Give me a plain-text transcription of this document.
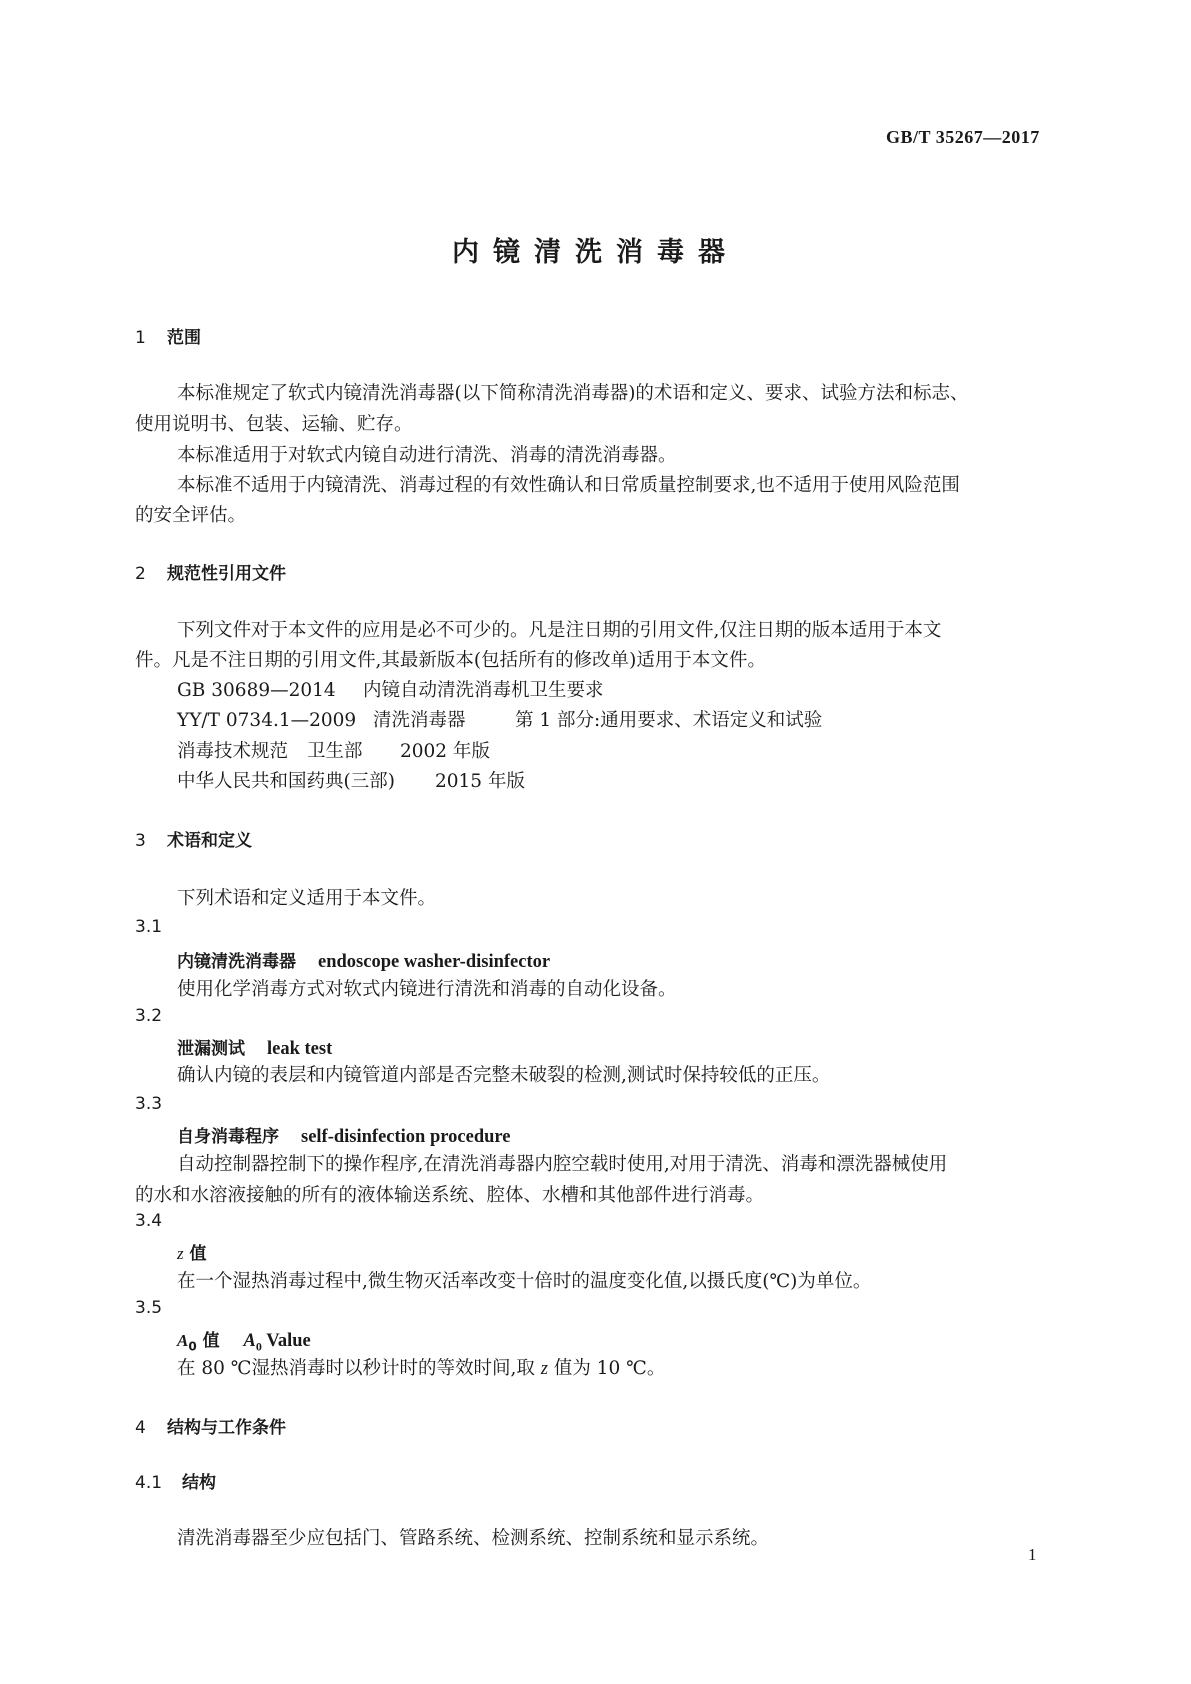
GB/T 35267—2017
内镜清洗消毒器
1 范围
本标准规定了软式内镜清洗消毒器(以下简称清洗消毒器)的术语和定义、要求、试验方法和标志、
使用说明书、包装、运输、贮存。
本标准适用于对软式内镜自动进行清洗、消毒的清洗消毒器。
本标准不适用于内镜清洗、消毒过程的有效性确认和日常质量控制要求,也不适用于使用风险范围
的安全评估。
2 规范性引用文件
下列文件对于本文件的应用是必不可少的。凡是注日期的引用文件,仅注日期的版本适用于本文
件。凡是不注日期的引用文件,其最新版本(包括所有的修改单)适用于本文件。
GB 30689—2014 内镜自动清洗消毒机卫生要求
YY/T 0734.1—2009 清洗消毒器	第 1 部分:通用要求、术语定义和试验
消毒技术规范 卫生部 2002 年版
中华人民共和国药典(三部) 2015 年版
3 术语和定义
下列术语和定义适用于本文件。
3.1
内镜清洗消毒器 endoscope washer-disinfector
使用化学消毒方式对软式内镜进行清洗和消毒的自动化设备。
3.2
泄漏测试 leak test
确认内镜的表层和内镜管道内部是否完整未破裂的检测,测试时保持较低的正压。
3.3
自身消毒程序 self-disinfection procedure
自动控制器控制下的操作程序,在清洗消毒器内腔空载时使用,对用于清洗、消毒和漂洗器械使用
的水和水溶液接触的所有的液体输送系统、腔体、水槽和其他部件进行消毒。
3.4
z 值
在一个湿热消毒过程中,微生物灭活率改变十倍时的温度变化值,以摄氏度(℃)为单位。
3.5
$A_0$ 值 $A_0$ Value
在 80 ℃湿热消毒时以秒计时的等效时间,取 z 值为 10 ℃。
4 结构与工作条件
4.1 结构
清洗消毒器至少应包括门、管路系统、检测系统、控制系统和显示系统。
1
